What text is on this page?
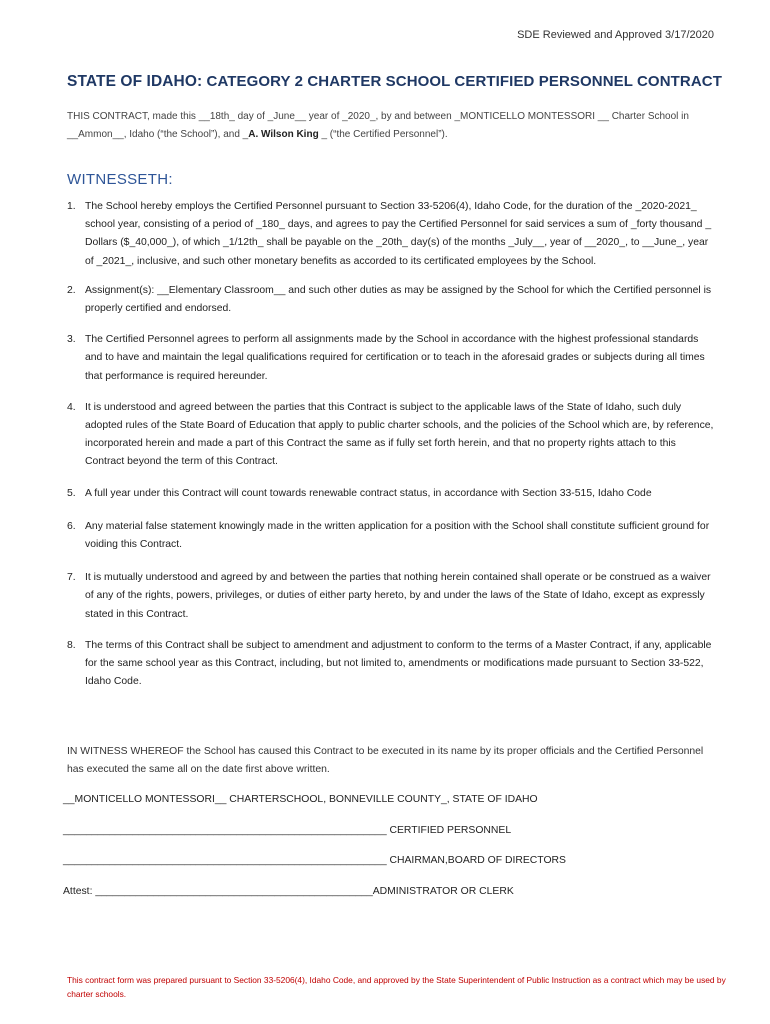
SDE Reviewed and Approved 3/17/2020
STATE OF IDAHO: CATEGORY 2 CHARTER SCHOOL CERTIFIED PERSONNEL CONTRACT
THIS CONTRACT, made this __18th_ day of _June__ year of _2020_, by and between _MONTICELLO MONTESSORI __ Charter School in __Ammon__, Idaho (“the School”), and _A. Wilson King _ (“the Certified Personnel”).
WITNESSETH:
1. The School hereby employs the Certified Personnel pursuant to Section 33-5206(4), Idaho Code, for the duration of the _2020-2021_ school year, consisting of a period of _180_ days, and agrees to pay the Certified Personnel for said services a sum of _forty thousand _ Dollars ($_40,000_), of which _1/12th_ shall be payable on the _20th_ day(s) of the months _July__, year of __2020_, to __June_, year of _2021_, inclusive, and such other monetary benefits as accorded to its certificated employees by the School.
2. Assignment(s): __Elementary Classroom__ and such other duties as may be assigned by the School for which the Certified personnel is properly certified and endorsed.
3. The Certified Personnel agrees to perform all assignments made by the School in accordance with the highest professional standards and to have and maintain the legal qualifications required for certification or to teach in the aforesaid grades or subjects during all times that performance is required hereunder.
4. It is understood and agreed between the parties that this Contract is subject to the applicable laws of the State of Idaho, such duly adopted rules of the State Board of Education that apply to public charter schools, and the policies of the School which are, by reference, incorporated herein and made a part of this Contract the same as if fully set forth herein, and that no property rights attach to this Contract beyond the term of this Contract.
5. A full year under this Contract will count towards renewable contract status, in accordance with Section 33-515, Idaho Code
6. Any material false statement knowingly made in the written application for a position with the School shall constitute sufficient ground for voiding this Contract.
7. It is mutually understood and agreed by and between the parties that nothing herein contained shall operate or be construed as a waiver of any of the rights, powers, privileges, or duties of either party hereto, by and under the laws of the State of Idaho, except as expressly stated in this Contract.
8. The terms of this Contract shall be subject to amendment and adjustment to conform to the terms of a Master Contract, if any, applicable for the same school year as this Contract, including, but not limited to, amendments or modifications made pursuant to Section 33-522, Idaho Code.
IN WITNESS WHEREOF the School has caused this Contract to be executed in its name by its proper officials and the Certified Personnel has executed the same all on the date first above written.
__MONTICELLO MONTESSORI__ CHARTERSCHOOL, BONNEVILLE COUNTY_, STATE OF IDAHO
________________________________________________________ CERTIFIED PERSONNEL
________________________________________________________ CHAIRMAN,BOARD OF DIRECTORS
Attest: ________________________________________________ADMINISTRATOR OR CLERK
This contract form was prepared pursuant to Section 33-5206(4), Idaho Code, and approved by the State Superintendent of Public Instruction as a contract which may be used by charter schools.
